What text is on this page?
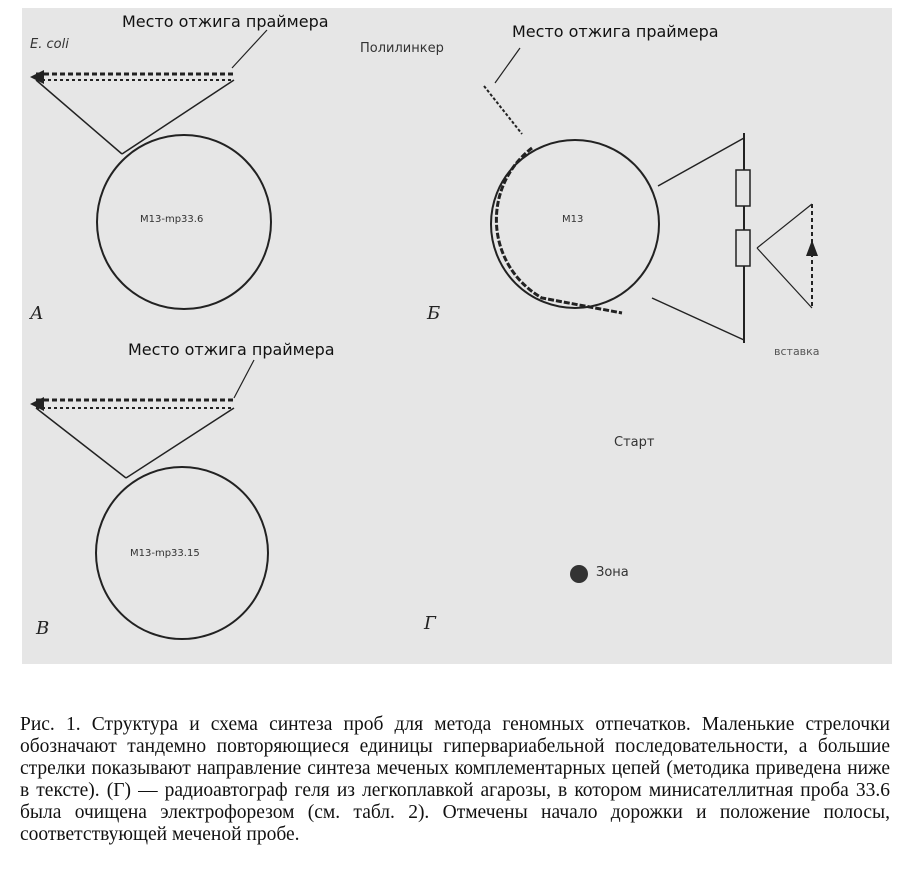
Место отжига праймера
E. coli
M13-mp33.6
А
Полилинкер
Место отжига праймера
M13
вставка
Б
Место отжига праймера
M13-mp33.15
В
Старт
Зона
Г

Рис. 1. Структура и схема синтеза проб для метода геномных отпечатков. Маленькие стрелочки обозначают тандемно повторяющиеся единицы гипервариабельной последовательности, а большие стрелки показывают направление синтеза меченых комплементарных цепей (методика приведена ниже в тексте). (Г) — радиоавтограф геля из легкоплавкой агарозы, в котором минисателлитная проба 33.6 была очищена электрофорезом (см. табл. 2). Отмечены начало дорожки и положение полосы, соответствующей меченой пробе.
